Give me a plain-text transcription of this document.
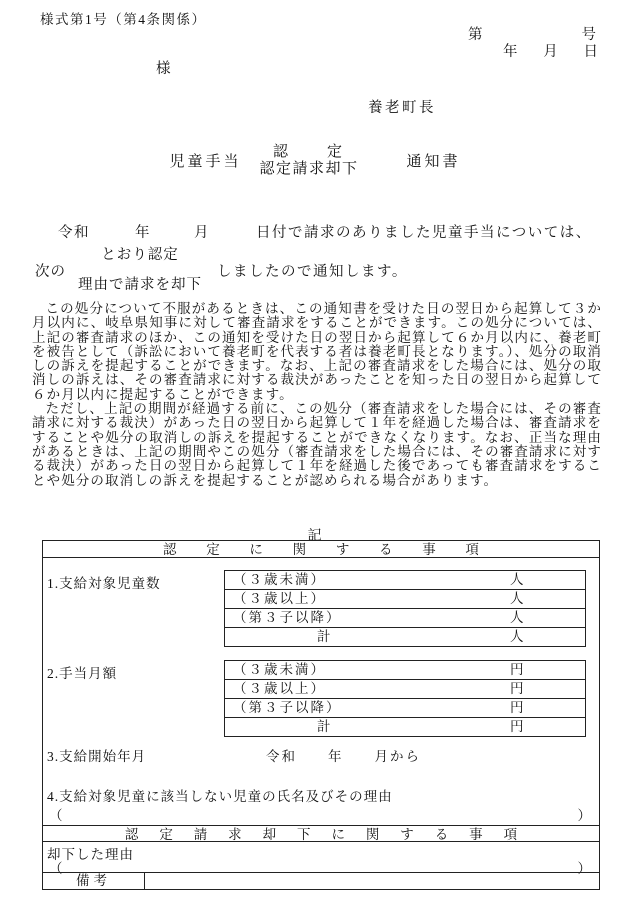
様式第1号（第4条関係）
第	号
年 月 日
様
養老町長
児童手当
認　　定
認定請求却下	通知書
令和	年	月	日付で請求のありました児童手当については、
次の
とおり認定
理由で請求を却下
しましたので通知します。

この処分について不服があるときは、この通知書を受けた日の翌日から起算して３か月以内に、岐阜県知事に対して審査請求をすることができます。この処分については、上記の審査請求のほか、この通知を受けた日の翌日から起算して６か月以内に、養老町を被告として（訴訟において養老町を代表する者は養老町長となります。）、処分の取消しの訴えを提起することができます。なお、上記の審査請求をした場合には、処分の取消しの訴えは、その審査請求に対する裁決があったことを知った日の翌日から起算して６か月以内に提起することができます。

ただし、上記の期間が経過する前に、この処分（審査請求をした場合には、その審査請求に対する裁決）があった日の翌日から起算して１年を経過した場合は、審査請求をすることや処分の取消しの訴えを提起することができなくなります。なお、正当な理由があるときは、上記の期間やこの処分（審査請求をした場合には、その審査請求に対する裁決）があった日の翌日から起算して１年を経過した後であっても審査請求をすることや処分の取消しの訴えを提起することが認められる場合があります。

記
認定に関する事項
1.支給対象児童数	（３歳未満）	人
（３歳以上）	人
（第３子以降）	人
計	人
2.手当月額	（３歳未満）	円
（３歳以上）	円
（第３子以降）	円
計	円
3.支給開始年月	令和　　年　　月から
4.支給対象児童に該当しない児童の氏名及びその理由
（	）
認定請求却下に関する事項
却下した理由
（	）
備考
